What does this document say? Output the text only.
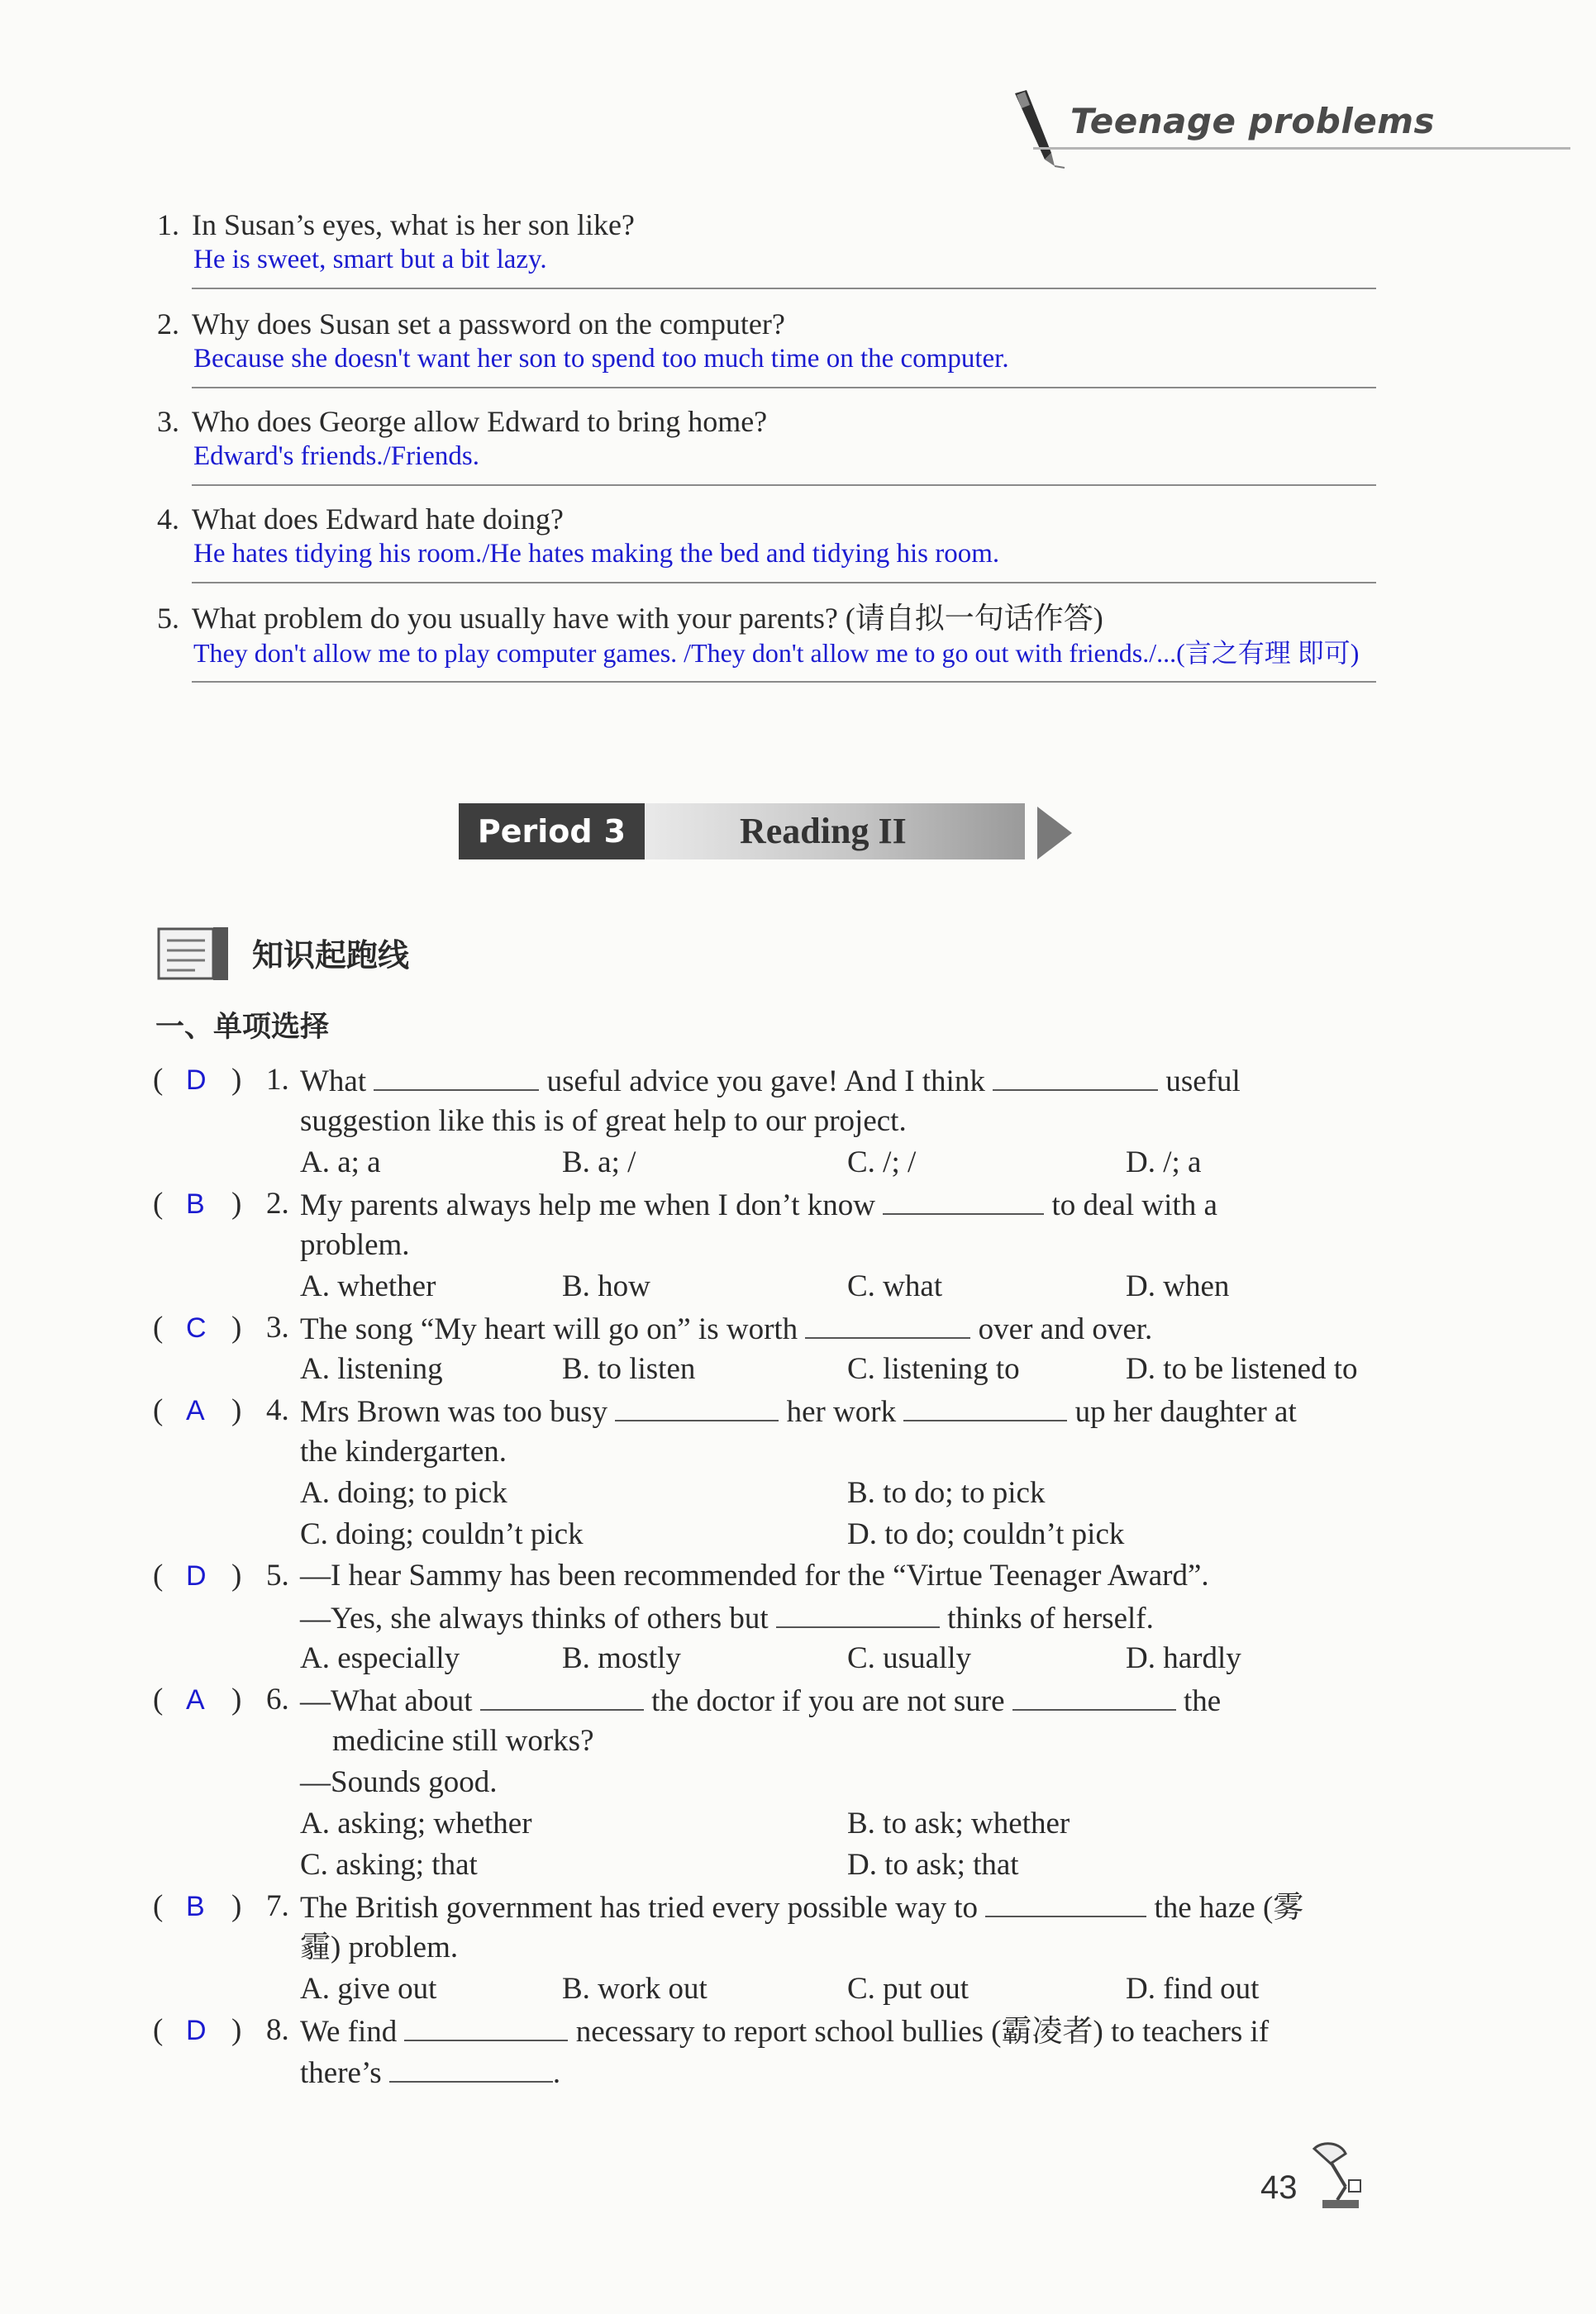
Teenage problems
1. In Susan’s eyes, what is her son like?
He is sweet, smart but a bit lazy.
2. Why does Susan set a password on the computer?
Because she doesn't want her son to spend too much time on the computer.
3. Who does George allow Edward to bring home?
Edward's friends./Friends.
4. What does Edward hate doing?
He hates tidying his room./He hates making the bed and tidying his room.
5. What problem do you usually have with your parents? (请自拟一句话作答)
They don't allow me to play computer games. /They don't allow me to go out with friends./...(言之有理 即可)
Period 3	Reading II
知识起跑线
一、单项选择
( D ) 1. What	useful advice you gave! And I think	useful
suggestion like this is of great help to our project.
A. a; a	B. a; /	C. /; /	D. /; a
( B ) 2. My parents always help me when I don’t know	to deal with a
problem.
A. whether	B. how	C. what	D. when
( C ) 3. The song “My heart will go on” is worth	over and over.
A. listening	B. to listen	C. listening to	D. to be listened to
( A ) 4. Mrs Brown was too busy	her work	up her daughter at
the kindergarten.
A. doing; to pick	B. to do; to pick
C. doing; couldn’t pick	D. to do; couldn’t pick
( D ) 5. —I hear Sammy has been recommended for the “Virtue Teenager Award”.
—Yes, she always thinks of others but	thinks of herself.
A. especially	B. mostly	C. usually	D. hardly
( A ) 6. —What about	the doctor if you are not sure	the
medicine still works?
—Sounds good.
A. asking; whether	B. to ask; whether
C. asking; that	D. to ask; that
( B ) 7. The British government has tried every possible way to	the haze (雾
霾) problem.
A. give out	B. work out	C. put out	D. find out
( D ) 8. We find	necessary to report school bullies (霸凌者) to teachers if
there’s	.
43
